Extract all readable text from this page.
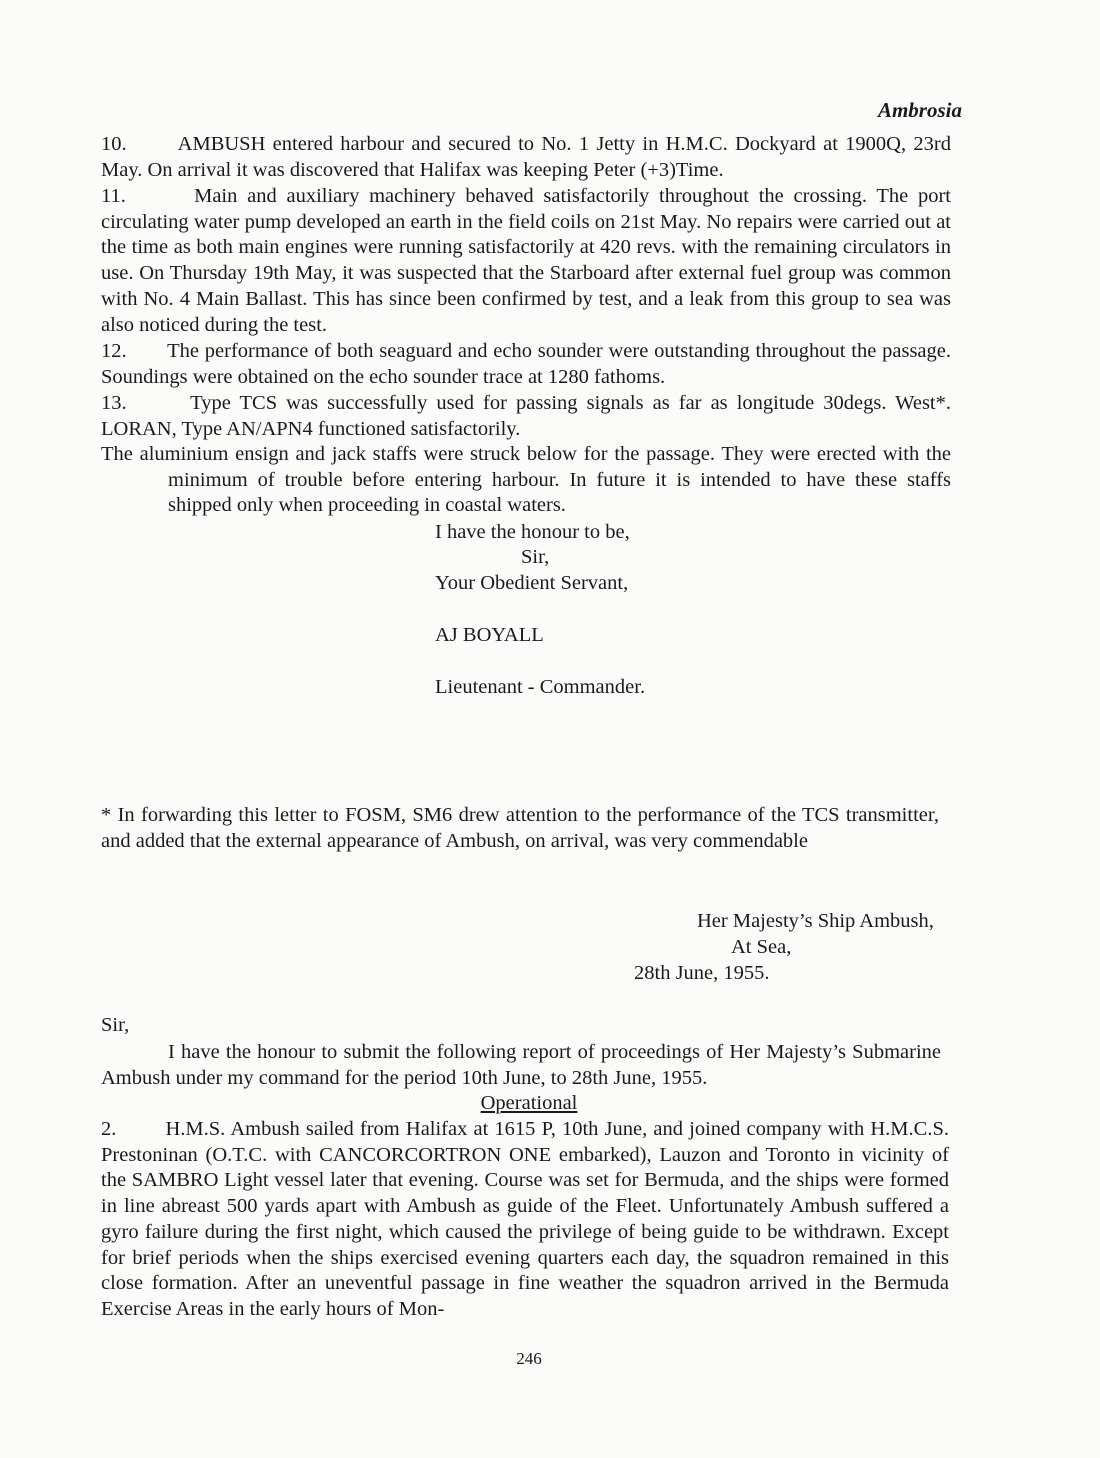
Ambrosia

10.       AMBUSH entered harbour and secured to No. 1 Jetty in H.M.C. Dockyard at 1900Q, 23rd May. On arrival it was discovered that Halifax was keeping Peter (+3)Time.

11.       Main and auxiliary machinery behaved satisfactorily throughout the crossing. The port circulating water pump developed an earth in the field coils on 21st May. No repairs were carried out at the time as both main engines were running satisfactorily at 420 revs. with the remaining circulators in use. On Thursday 19th May, it was suspected that the Starboard after external fuel group was common with No. 4 Main Ballast. This has since been confirmed by test, and a leak from this group to sea was also noticed during the test.

12.       The performance of both seaguard and echo sounder were outstanding throughout the passage. Soundings were obtained on the echo sounder trace at 1280 fathoms.

13.       Type TCS was successfully used for passing signals as far as longitude 30degs. West*. LORAN, Type AN/APN4 functioned satisfactorily.

The aluminium ensign and jack staffs were struck below for the passage. They were erected with the minimum of trouble before entering harbour. In future it is intended to have these staffs shipped only when proceeding in coastal waters.

I have the honour to be,
Sir,
Your Obedient Servant,
AJ BOYALL
Lieutenant - Commander.

* In forwarding this letter to FOSM, SM6 drew attention to the performance of the TCS transmitter, and added that the external appearance of Ambush, on arrival, was very commendable

Her Majesty’s Ship Ambush,
At Sea,
28th June, 1955.
Sir,

I have the honour to submit the following report of proceedings of Her Majesty’s Submarine Ambush under my command for the period 10th June, to 28th June, 1955.

Operational

2.        H.M.S. Ambush sailed from Halifax at 1615 P, 10th June, and joined company with H.M.C.S. Prestoninan (O.T.C. with CANCORCORTRON ONE embarked), Lauzon and Toronto in vicinity of the SAMBRO Light vessel later that evening. Course was set for Bermuda, and the ships were formed in line abreast 500 yards apart with Ambush as guide of the Fleet. Unfortunately Ambush suffered a gyro failure during the first night, which caused the privilege of being guide to be withdrawn. Except for brief periods when the ships exercised evening quarters each day, the squadron remained in this close formation. After an uneventful passage in fine weather the squadron arrived in the Bermuda Exercise Areas in the early hours of Mon-

246
